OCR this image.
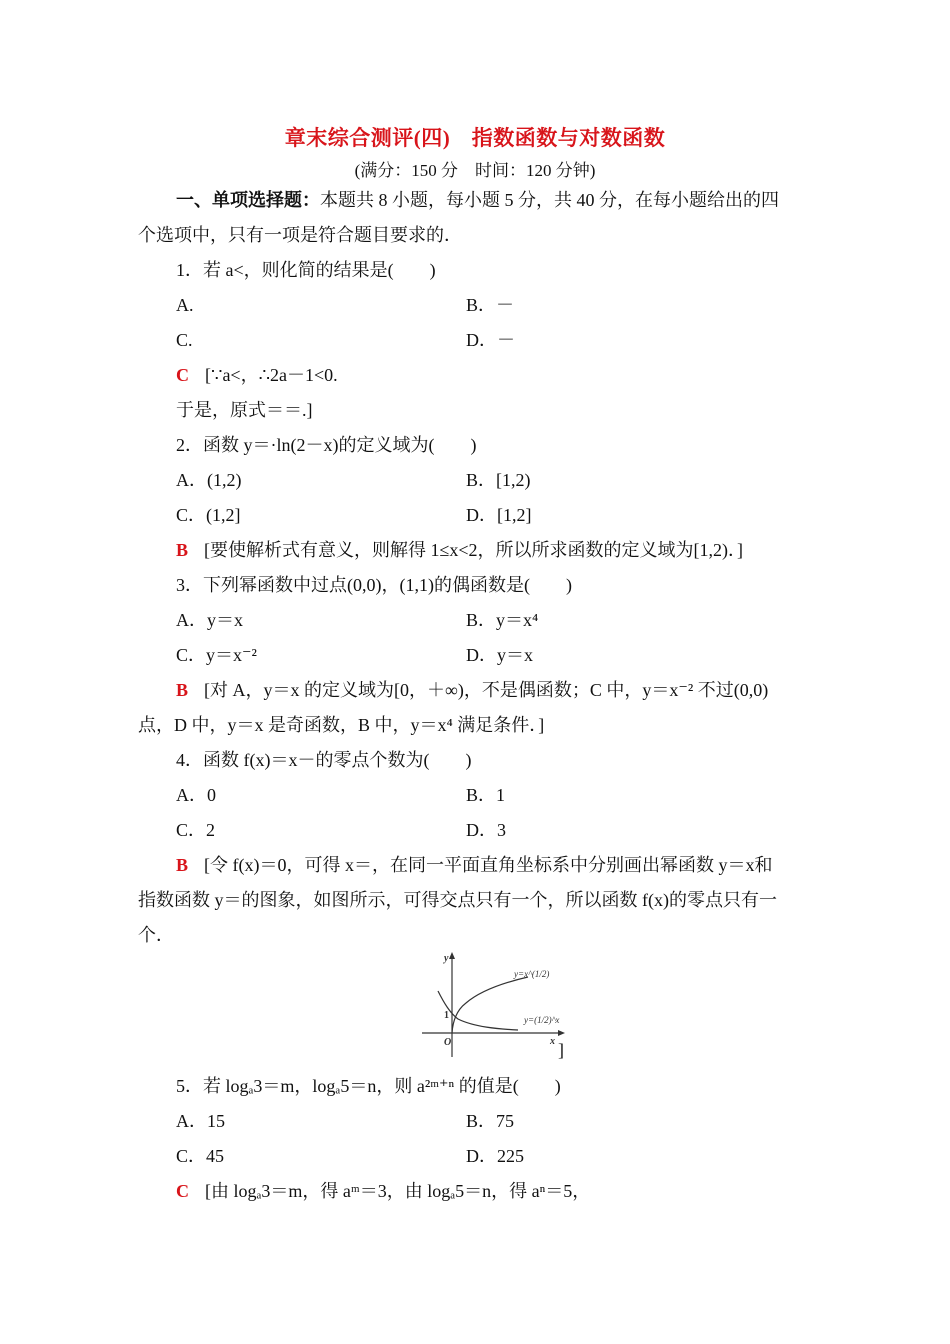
章末综合测评(四)　指数函数与对数函数
(满分：150 分　时间：120 分钟)
一、单项选择题：本题共 8 小题，每小题 5 分，共 40 分，在每小题给出的四
个选项中，只有一项是符合题目要求的．
1．若 a<，则化简的结果是(　　)
A.	B．－
C.	D．－
C [∵a<，∴2a－1<0.
于是，原式＝＝.]
2．函数 y＝·ln(2－x)的定义域为(　　)
A．(1,2)	B．[1,2)
C．(1,2]	D．[1,2]
B [要使解析式有意义，则解得 1≤x<2，所以所求函数的定义域为[1,2)．]
3．下列幂函数中过点(0,0)，(1,1)的偶函数是(　　)
A．y＝x	B．y＝x⁴
C．y＝x⁻²	D．y＝x
B [对 A，y＝x 的定义域为[0，＋∞)，不是偶函数；C 中，y＝x⁻² 不过(0,0)
点，D 中，y＝x 是奇函数，B 中，y＝x⁴ 满足条件．]
4．函数 f(x)＝x－的零点个数为(　　)
A．0	B．1
C．2	D．3
B [令 f(x)＝0，可得 x＝，在同一平面直角坐标系中分别画出幂函数 y＝x和
指数函数 y＝的图象，如图所示，可得交点只有一个，所以函数 f(x)的零点只有一
个．
y
x
O
1
y=x^(1/2)
y=(1/2)^x
]
5．若 logₐ3＝m，logₐ5＝n，则 a²ᵐ⁺ⁿ 的值是(　　)
A．15	B．75
C．45	D．225
C [由 logₐ3＝m，得 aᵐ＝3，由 logₐ5＝n，得 aⁿ＝5，
